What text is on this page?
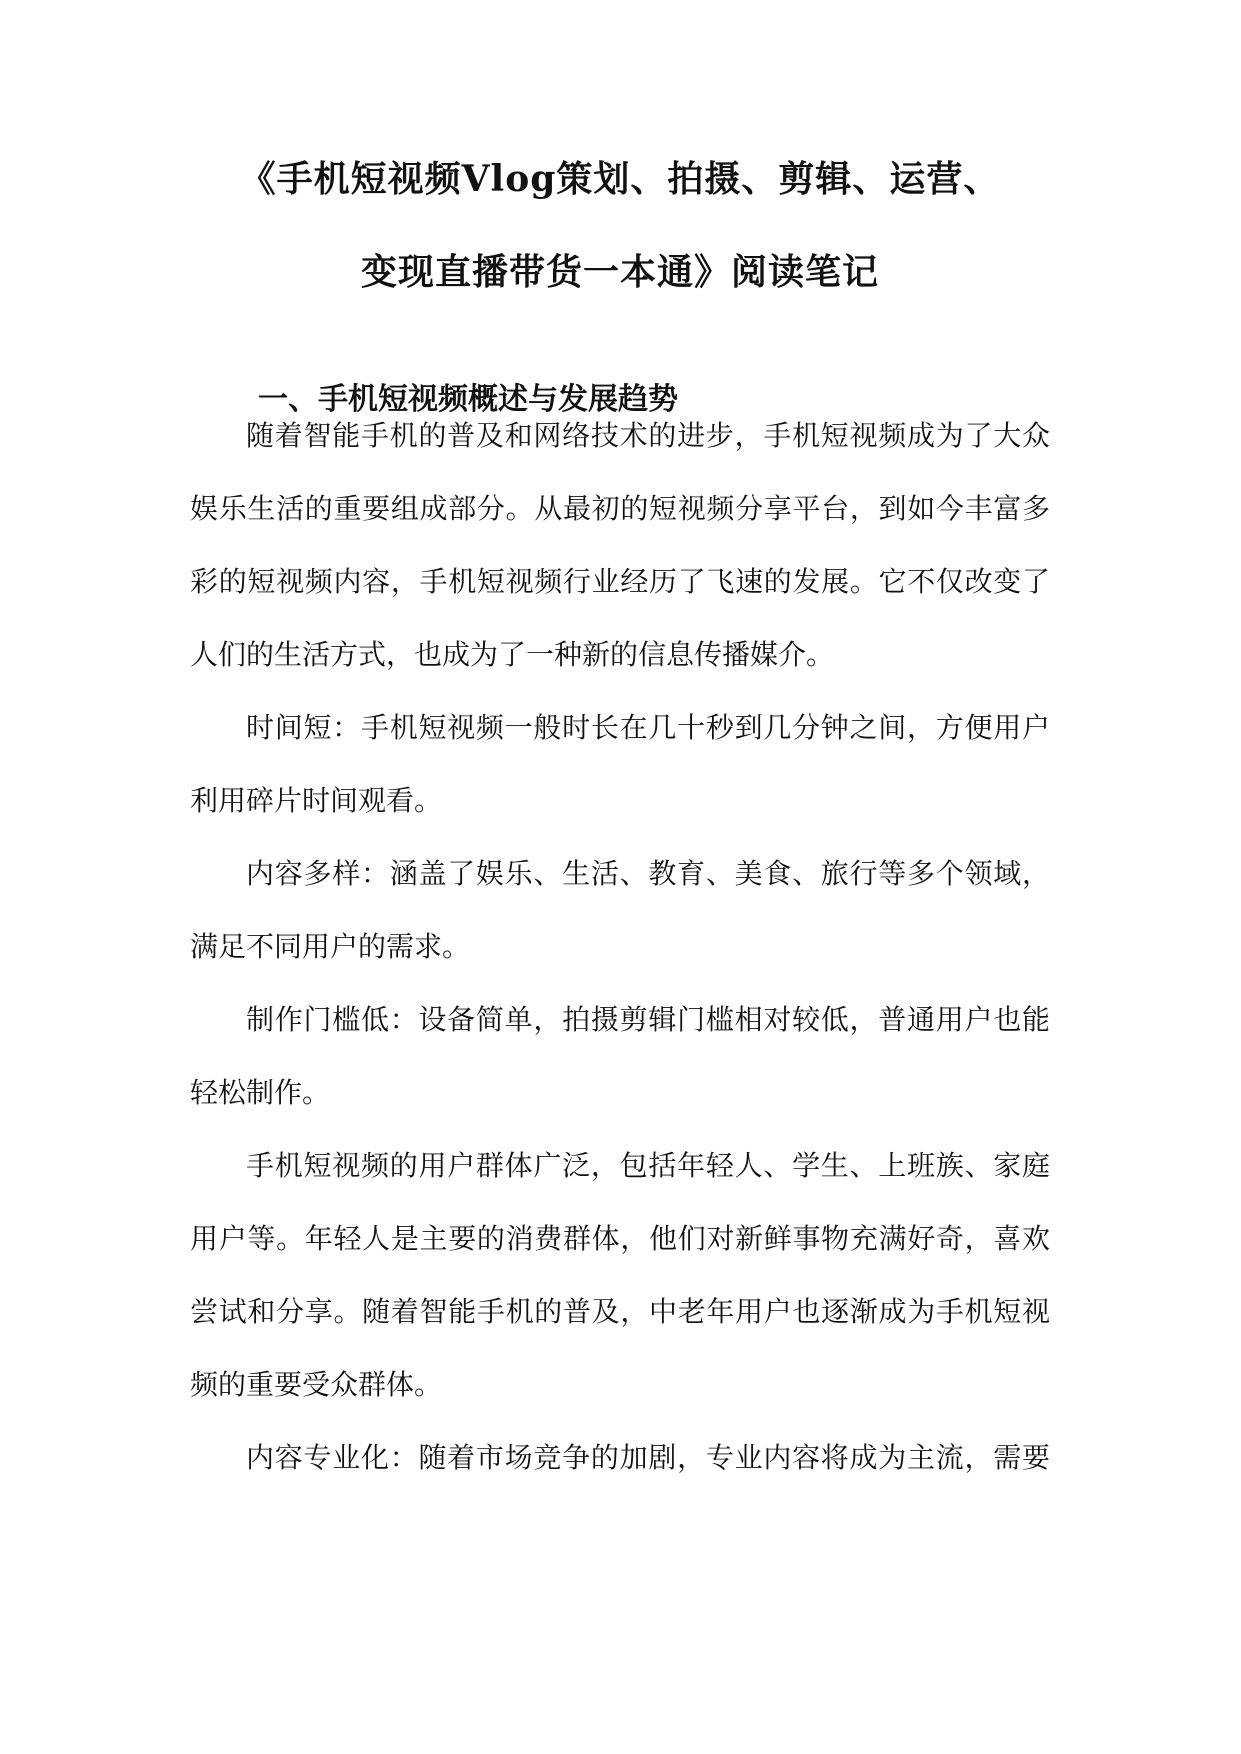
《手机短视频Vlog策划、拍摄、剪辑、运营、
变现直播带货一本通》阅读笔记
一、手机短视频概述与发展趋势
随着智能手机的普及和网络技术的进步，手机短视频成为了大众
娱乐生活的重要组成部分。从最初的短视频分享平台，到如今丰富多
彩的短视频内容，手机短视频行业经历了飞速的发展。它不仅改变了
人们的生活方式，也成为了一种新的信息传播媒介。
时间短：手机短视频一般时长在几十秒到几分钟之间，方便用户
利用碎片时间观看。
内容多样：涵盖了娱乐、生活、教育、美食、旅行等多个领域，
满足不同用户的需求。
制作门槛低：设备简单，拍摄剪辑门槛相对较低，普通用户也能
轻松制作。
手机短视频的用户群体广泛，包括年轻人、学生、上班族、家庭
用户等。年轻人是主要的消费群体，他们对新鲜事物充满好奇，喜欢
尝试和分享。随着智能手机的普及，中老年用户也逐渐成为手机短视
频的重要受众群体。
内容专业化：随着市场竞争的加剧，专业内容将成为主流，需要
